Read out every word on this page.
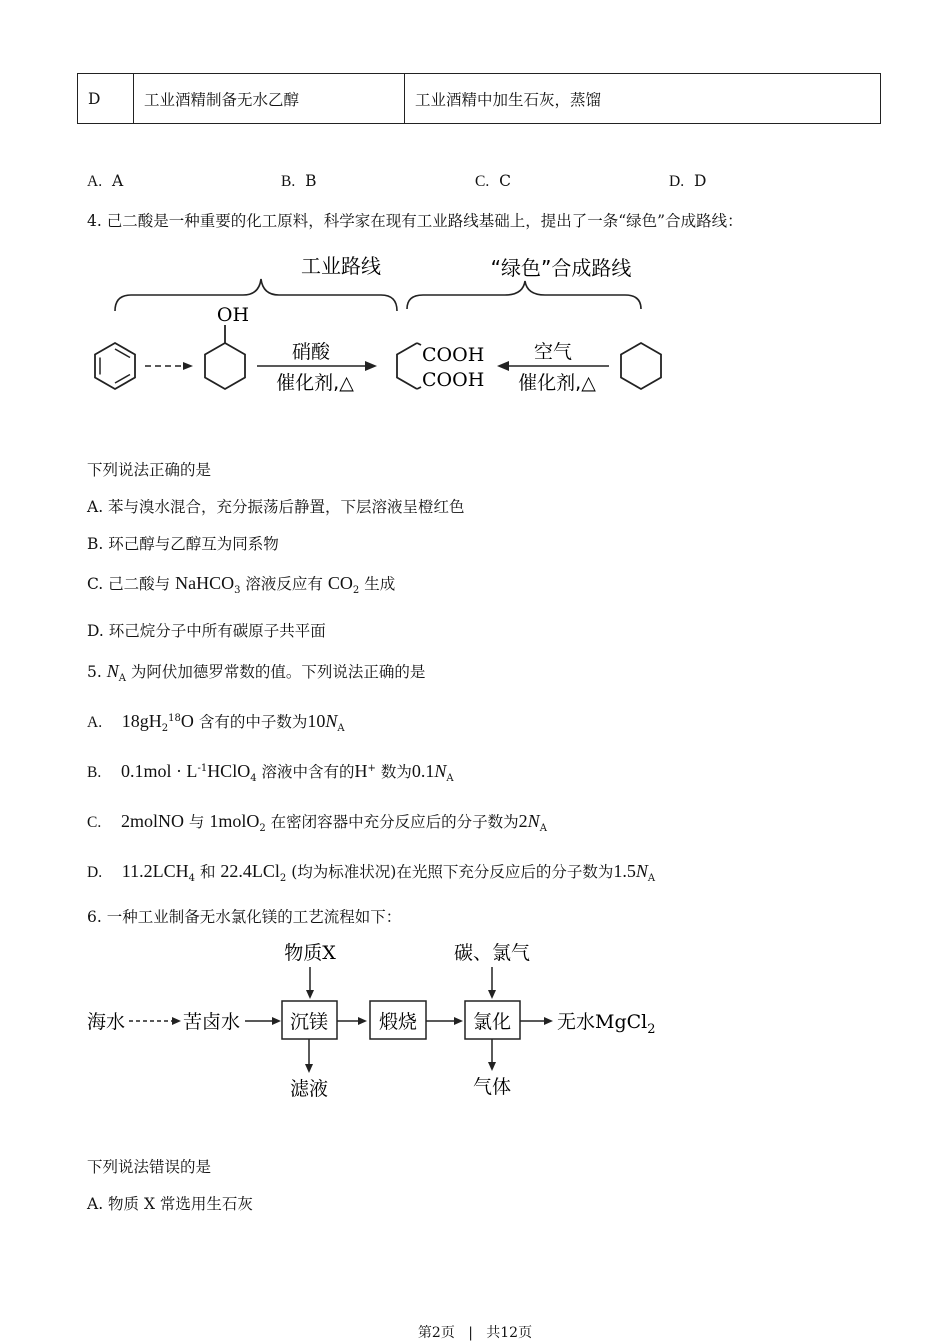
D	工业酒精制备无水乙醇	工业酒精中加生石灰，蒸馏
A. A	B. B	C. C	D. D
4. 己二酸是一种重要的化工原料，科学家在现有工业路线基础上，提出了一条“绿色”合成路线：
工业路线	“绿色”合成路线
OH
硝酸
催化剂,△
COOH
COOH
空气
催化剂,△
下列说法正确的是
A. 苯与溴水混合，充分振荡后静置，下层溶液呈橙红色
B. 环己醇与乙醇互为同系物
C. 己二酸与 NaHCO$_3$ 溶液反应有 $CO_2$ 生成
D. 环己烷分子中所有碳原子共平面
5. $N_A$ 为阿伏加德罗常数的值。下列说法正确的是
A. $18gH_2^{18}O$ 含有的中子数为$10N_A$
B. $0.1mol \cdot L^{-1}HClO_4$ 溶液中含有的H+ 数为$0.1N_A$
C. 2molNO 与 1molO$_2$ 在密闭容器中充分反应后的分子数为$2N_A$
D. $11.2LCH_4$ 和 22.4LCl$_2$ (均为标准状况)在光照下充分反应后的分子数为$1.5N_A$
6. 一种工业制备无水氯化镁的工艺流程如下：
物质X	碳、氯气
海水	苦卤水	沉镁	煅烧	氯化 无水MgCl$_2$
滤液	气体
下列说法错误的是
A. 物质 X 常选用生石灰
第2页 | 共12页
